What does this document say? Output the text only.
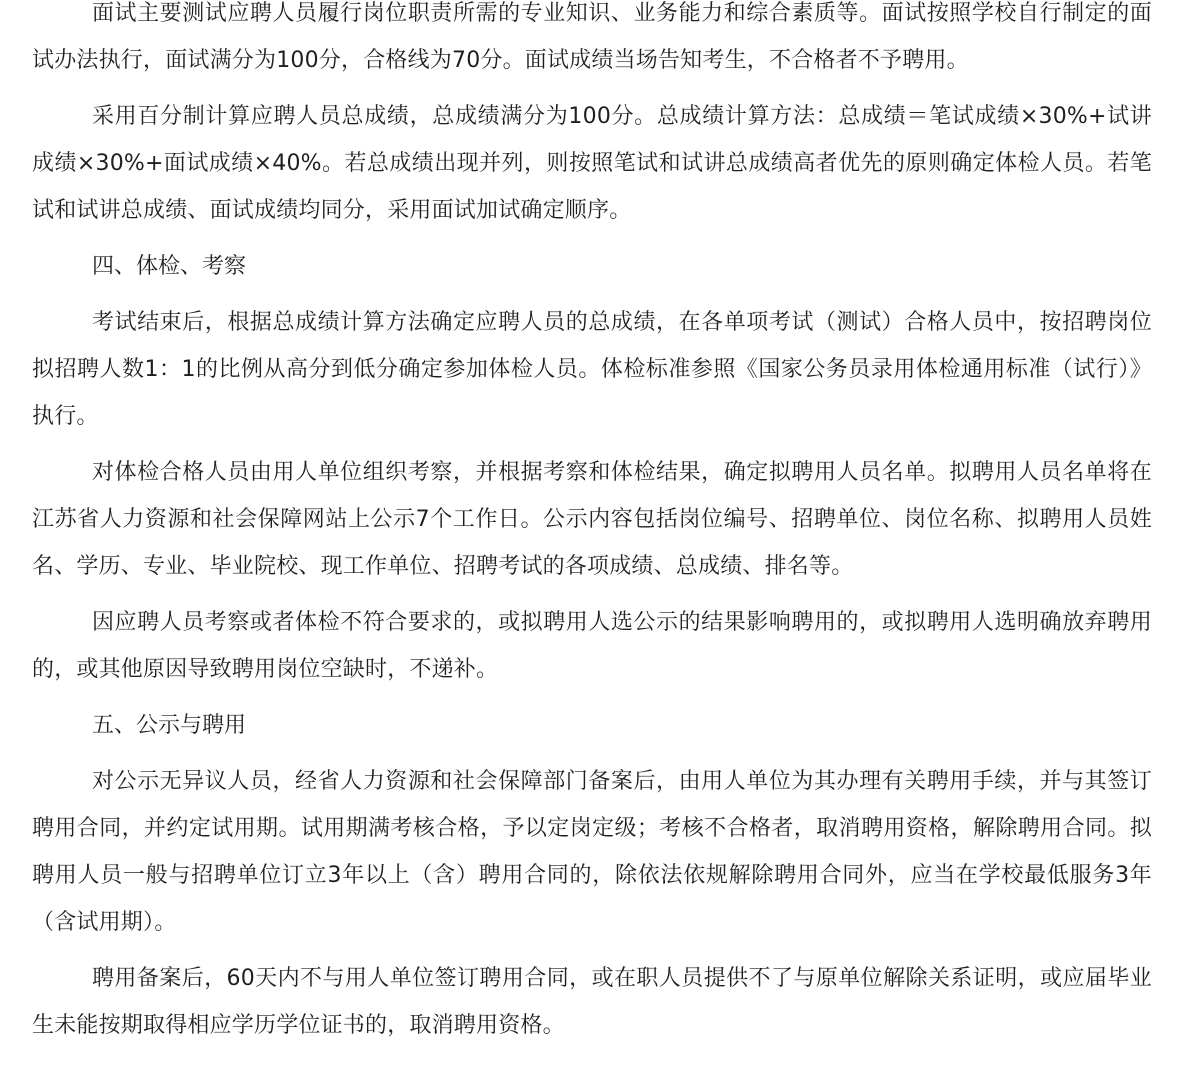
面试主要测试应聘人员履行岗位职责所需的专业知识、业务能力和综合素质等。面试按照学校自行制定的面试办法执行，面试满分为100分，合格线为70分。面试成绩当场告知考生，不合格者不予聘用。

采用百分制计算应聘人员总成绩，总成绩满分为100分。总成绩计算方法：总成绩＝笔试成绩×30%+试讲成绩×30%+面试成绩×40%。若总成绩出现并列，则按照笔试和试讲总成绩高者优先的原则确定体检人员。若笔试和试讲总成绩、面试成绩均同分，采用面试加试确定顺序。

四、体检、考察

考试结束后，根据总成绩计算方法确定应聘人员的总成绩，在各单项考试（测试）合格人员中，按招聘岗位拟招聘人数1：1的比例从高分到低分确定参加体检人员。体检标准参照《国家公务员录用体检通用标准（试行）》执行。

对体检合格人员由用人单位组织考察，并根据考察和体检结果，确定拟聘用人员名单。拟聘用人员名单将在江苏省人力资源和社会保障网站上公示7个工作日。公示内容包括岗位编号、招聘单位、岗位名称、拟聘用人员姓名、学历、专业、毕业院校、现工作单位、招聘考试的各项成绩、总成绩、排名等。

因应聘人员考察或者体检不符合要求的，或拟聘用人选公示的结果影响聘用的，或拟聘用人选明确放弃聘用的，或其他原因导致聘用岗位空缺时，不递补。

五、公示与聘用

对公示无异议人员，经省人力资源和社会保障部门备案后，由用人单位为其办理有关聘用手续，并与其签订聘用合同，并约定试用期。试用期满考核合格，予以定岗定级；考核不合格者，取消聘用资格，解除聘用合同。拟聘用人员一般与招聘单位订立3年以上（含）聘用合同的，除依法依规解除聘用合同外，应当在学校最低服务3年（含试用期）。

聘用备案后，60天内不与用人单位签订聘用合同，或在职人员提供不了与原单位解除关系证明，或应届毕业生未能按期取得相应学历学位证书的，取消聘用资格。
